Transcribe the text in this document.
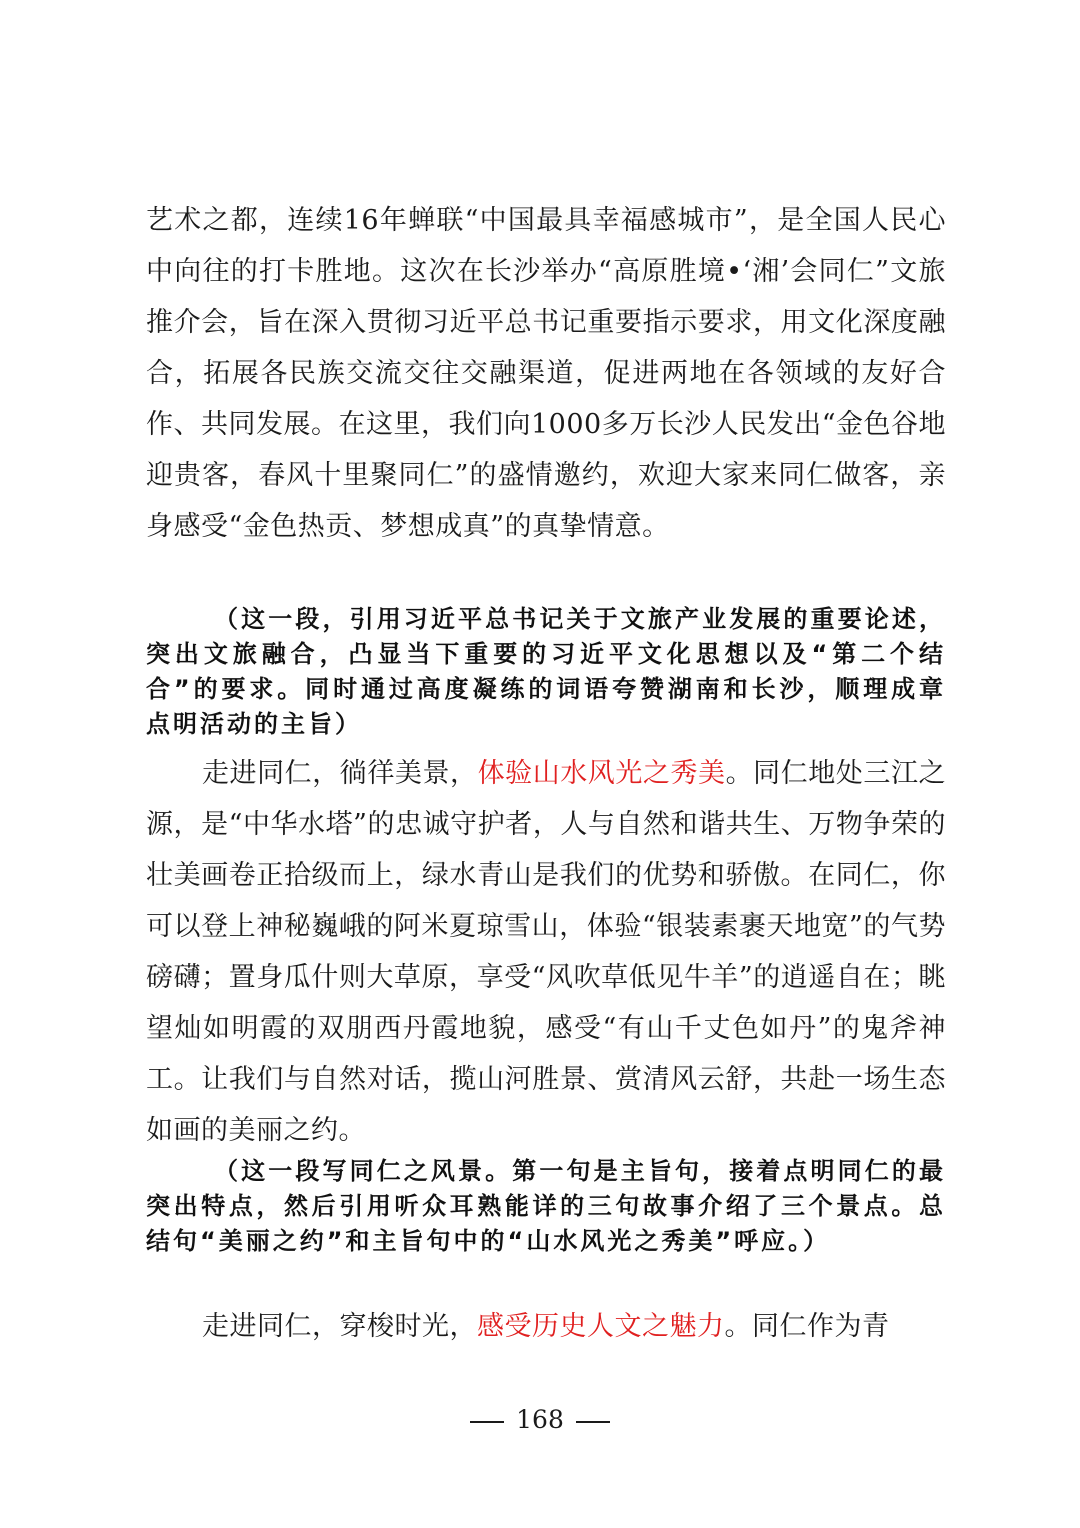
艺术之都，连续16年蝉联“中国最具幸福感城市”，是全国人民心中向往的打卡胜地。这次在长沙举办“高原胜境•‘湘’会同仁”文旅推介会，旨在深入贯彻习近平总书记重要指示要求，用文化深度融合，拓展各民族交流交往交融渠道，促进两地在各领域的友好合作、共同发展。在这里，我们向1000多万长沙人民发出“金色谷地迎贵客，春风十里聚同仁”的盛情邀约，欢迎大家来同仁做客，亲身感受“金色热贡、梦想成真”的真挚情意。

（这一段，引用习近平总书记关于文旅产业发展的重要论述，突出文旅融合，凸显当下重要的习近平文化思想以及“第二个结合”的要求。同时通过高度凝练的词语夸赞湖南和长沙，顺理成章点明活动的主旨）

走进同仁，徜徉美景，体验山水风光之秀美。同仁地处三江之源，是“中华水塔”的忠诚守护者，人与自然和谐共生、万物争荣的壮美画卷正拾级而上，绿水青山是我们的优势和骄傲。在同仁，你可以登上神秘巍峨的阿米夏琼雪山，体验“银装素裹天地宽”的气势磅礴；置身瓜什则大草原，享受“风吹草低见牛羊”的逍遥自在；眺望灿如明霞的双朋西丹霞地貌，感受“有山千丈色如丹”的鬼斧神工。让我们与自然对话，揽山河胜景、赏清风云舒，共赴一场生态如画的美丽之约。

（这一段写同仁之风景。第一句是主旨句，接着点明同仁的最突出特点，然后引用听众耳熟能详的三句故事介绍了三个景点。总结句“美丽之约”和主旨句中的“山水风光之秀美”呼应。）

走进同仁，穿梭时光，感受历史人文之魅力。同仁作为青

168
